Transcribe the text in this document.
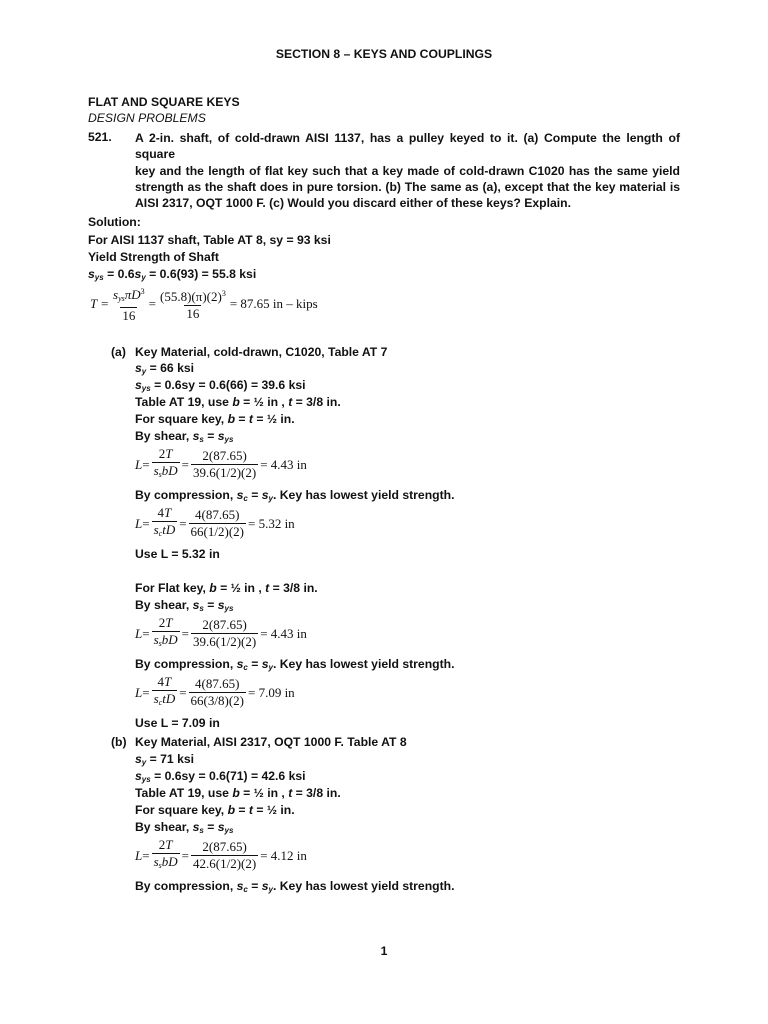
SECTION 8 – KEYS AND COUPLINGS
FLAT AND SQUARE KEYS
DESIGN PROBLEMS
521. A 2-in. shaft, of cold-drawn AISI 1137, has a pulley keyed to it. (a) Compute the length of square
key and the length of flat key such that a key made of cold-drawn C1020 has the same yield
strength as the shaft does in pure torsion. (b) The same as (a), except that the key material is
AISI 2317, OQT 1000 F. (c) Would you discard either of these keys? Explain.
Solution:
For AISI 1137 shaft, Table AT 8, sy = 93 ksi
Yield Strength of Shaft
$s_{ys} = 0.6s_y = 0.6(93) = 55.8$ ksi
$T = \frac{s_{ys}\pi D^3}{16} = \frac{(55.8)(\pi)(2)^3}{16} = 87.65$ in – kips
(a) Key Material, cold-drawn, C1020, Table AT 7
$s_y = 66$ ksi
$s_{ys} = 0.6sy = 0.6(66) = 39.6$ ksi
Table AT 19, use b = ½ in , t = 3/8 in.
For square key, b = t = ½ in.
By shear, $s_s = s_{ys}$
$L = \frac{2T}{s_sbD} = \frac{2(87.65)}{39.6(1/2)(2)} = 4.43$ in
By compression, $s_c = s_y$. Key has lowest yield strength.
$L = \frac{4T}{s_ctD} = \frac{4(87.65)}{66(1/2)(2)} = 5.32$ in
Use L = 5.32 in
For Flat key, b = ½ in , t = 3/8 in.
By shear, $s_s = s_{ys}$
$L = \frac{2T}{s_sbD} = \frac{2(87.65)}{39.6(1/2)(2)} = 4.43$ in
By compression, $s_c = s_y$. Key has lowest yield strength.
$L = \frac{4T}{s_ctD} = \frac{4(87.65)}{66(3/8)(2)} = 7.09$ in
Use L = 7.09 in
(b) Key Material, AISI 2317, OQT 1000 F. Table AT 8
$s_y = 71$ ksi
$s_{ys} = 0.6sy = 0.6(71) = 42.6$ ksi
Table AT 19, use b = ½ in , t = 3/8 in.
For square key, b = t = ½ in.
By shear, $s_s = s_{ys}$
$L = \frac{2T}{s_sbD} = \frac{2(87.65)}{42.6(1/2)(2)} = 4.12$ in
By compression, $s_c = s_y$. Key has lowest yield strength.
1
